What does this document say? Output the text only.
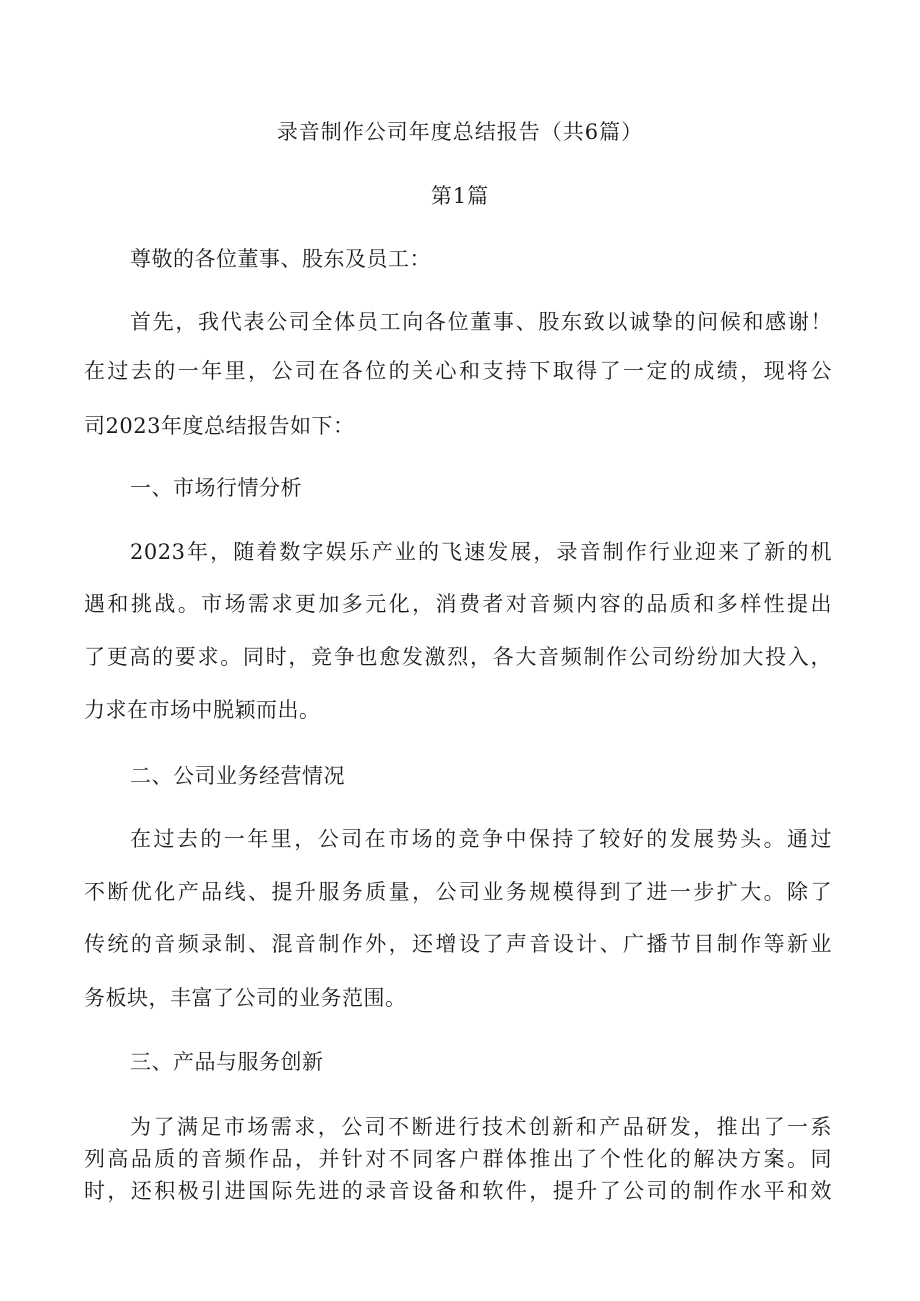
录音制作公司年度总结报告（共6篇）
第1篇
尊敬的各位董事、股东及员工：
首先，我代表公司全体员工向各位董事、股东致以诚挚的问候和感谢！
在过去的一年里，公司在各位的关心和支持下取得了一定的成绩，现将公
司2023年度总结报告如下：
一、市场行情分析
2023年，随着数字娱乐产业的飞速发展，录音制作行业迎来了新的机
遇和挑战。市场需求更加多元化，消费者对音频内容的品质和多样性提出
了更高的要求。同时，竞争也愈发激烈，各大音频制作公司纷纷加大投入，
力求在市场中脱颖而出。
二、公司业务经营情况
在过去的一年里，公司在市场的竞争中保持了较好的发展势头。通过
不断优化产品线、提升服务质量，公司业务规模得到了进一步扩大。除了
传统的音频录制、混音制作外，还增设了声音设计、广播节目制作等新业
务板块，丰富了公司的业务范围。
三、产品与服务创新
为了满足市场需求，公司不断进行技术创新和产品研发，推出了一系
列高品质的音频作品，并针对不同客户群体推出了个性化的解决方案。同
时，还积极引进国际先进的录音设备和软件，提升了公司的制作水平和效
